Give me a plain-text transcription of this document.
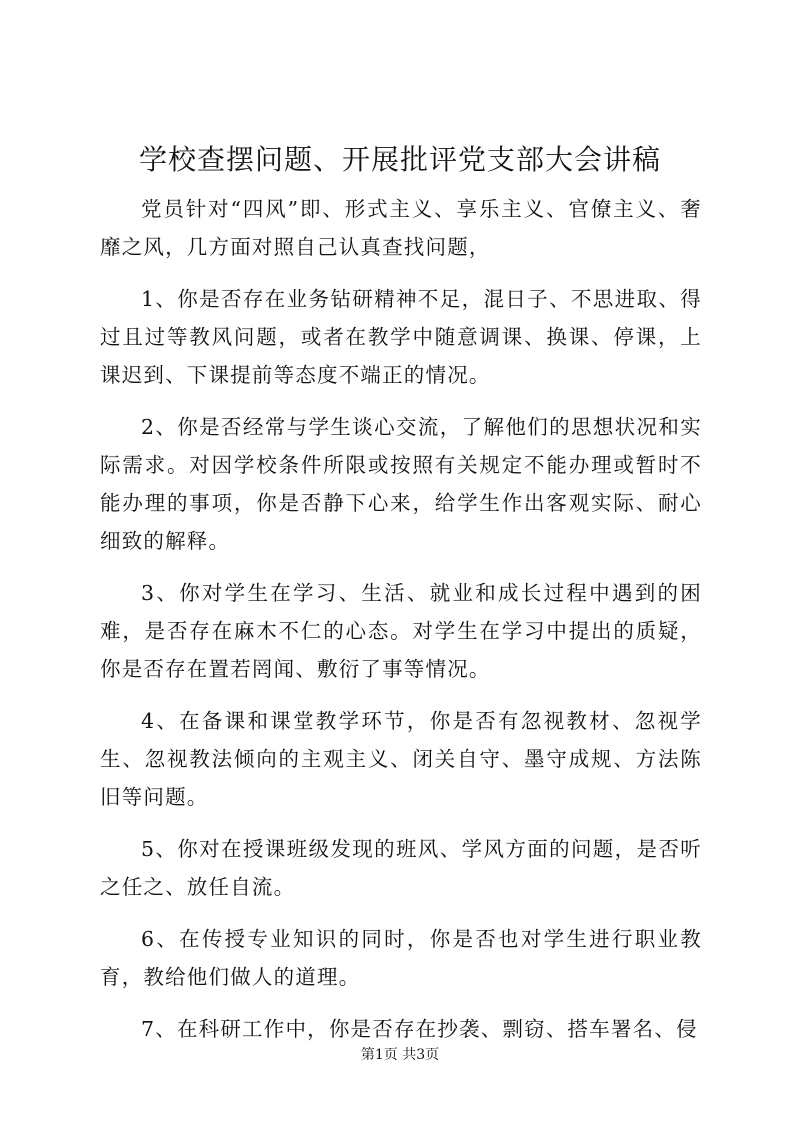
学校查摆问题、开展批评党支部大会讲稿

党员针对“四风”即、形式主义、享乐主义、官僚主义、奢靡之风，几方面对照自己认真查找问题，

1、你是否存在业务钻研精神不足，混日子、不思进取、得过且过等教风问题，或者在教学中随意调课、换课、停课，上课迟到、下课提前等态度不端正的情况。

2、你是否经常与学生谈心交流，了解他们的思想状况和实际需求。对因学校条件所限或按照有关规定不能办理或暂时不能办理的事项，你是否静下心来，给学生作出客观实际、耐心细致的解释。

3、你对学生在学习、生活、就业和成长过程中遇到的困难，是否存在麻木不仁的心态。对学生在学习中提出的质疑，你是否存在置若罔闻、敷衍了事等情况。

4、在备课和课堂教学环节，你是否有忽视教材、忽视学生、忽视教法倾向的主观主义、闭关自守、墨守成规、方法陈旧等问题。

5、你对在授课班级发现的班风、学风方面的问题，是否听之任之、放任自流。

6、在传授专业知识的同时，你是否也对学生进行职业教育，教给他们做人的道理。

7、在科研工作中，你是否存在抄袭、剽窃、搭车署名、侵

第1页 共3页
